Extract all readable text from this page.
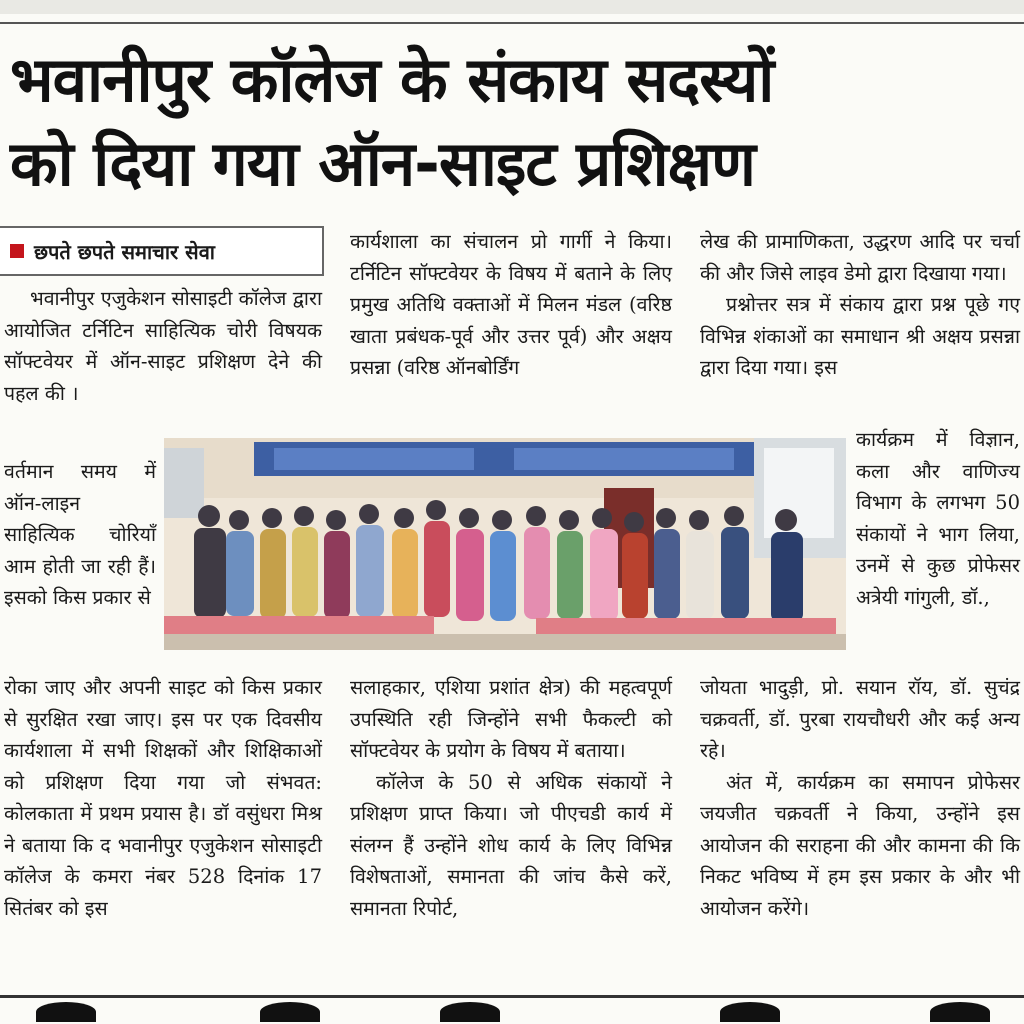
भवानीपुर कॉलेज के संकाय सदस्यों
को दिया गया ऑन-साइट प्रशिक्षण
छपते छपते समाचार सेवा

भवानीपुर एजुकेशन सोसाइटी कॉलेज द्वारा आयोजित टर्निटिन साहित्यिक चोरी विषयक सॉफ्टवेयर में ऑन-साइट प्रशिक्षण देने की पहल की ।

वर्तमान समय में ऑन-लाइन साहित्यिक चोरियाँ आम होती जा रही हैं। इसको किस प्रकार से

रोका जाए और अपनी साइट को किस प्रकार से सुरक्षित रखा जाए। इस पर एक दिवसीय कार्यशाला में सभी शिक्षकों और शिक्षिकाओं को प्रशिक्षण दिया गया जो संभवत: कोलकाता में प्रथम प्रयास है। डॉ वसुंधरा मिश्र ने बताया कि द भवानीपुर एजुकेशन सोसाइटी कॉलेज के कमरा नंबर 528 दिनांक 17 सितंबर को इस

कार्यशाला का संचालन प्रो गार्गी ने किया। टर्निटिन सॉफ्टवेयर के विषय में बताने के लिए प्रमुख अतिथि वक्ताओं में मिलन मंडल (वरिष्ठ खाता प्रबंधक-पूर्व और उत्तर पूर्व) और अक्षय प्रसन्ना (वरिष्ठ ऑनबोर्डिंग

सलाहकार, एशिया प्रशांत क्षेत्र) की महत्वपूर्ण उपस्थिति रही जिन्होंने सभी फैकल्टी को सॉफ्टवेयर के प्रयोग के विषय में बताया।

कॉलेज के 50 से अधिक संकायों ने प्रशिक्षण प्राप्त किया। जो पीएचडी कार्य में संलग्न हैं उन्होंने शोध कार्य के लिए विभिन्न विशेषताओं, समानता की जांच कैसे करें, समानता रिपोर्ट,

लेख की प्रामाणिकता, उद्धरण आदि पर चर्चा की और जिसे लाइव डेमो द्वारा दिखाया गया।

प्रश्नोत्तर सत्र में संकाय द्वारा प्रश्न पूछे गए विभिन्न शंकाओं का समाधान श्री अक्षय प्रसन्ना द्वारा दिया गया। इस

कार्यक्रम में विज्ञान, कला और वाणिज्य विभाग के लगभग 50 संकायों ने भाग लिया, उनमें से कुछ प्रोफेसर अत्रेयी गांगुली, डॉ.,

जोयता भादुड़ी, प्रो. सयान रॉय, डॉ. सुचंद्र चक्रवर्ती, डॉ. पुरबा रायचौधरी और कई अन्य रहे।

अंत में, कार्यक्रम का समापन प्रोफेसर जयजीत चक्रवर्ती ने किया, उन्होंने इस आयोजन की सराहना की और कामना की कि निकट भविष्य में हम इस प्रकार के और भी आयोजन करेंगे।
